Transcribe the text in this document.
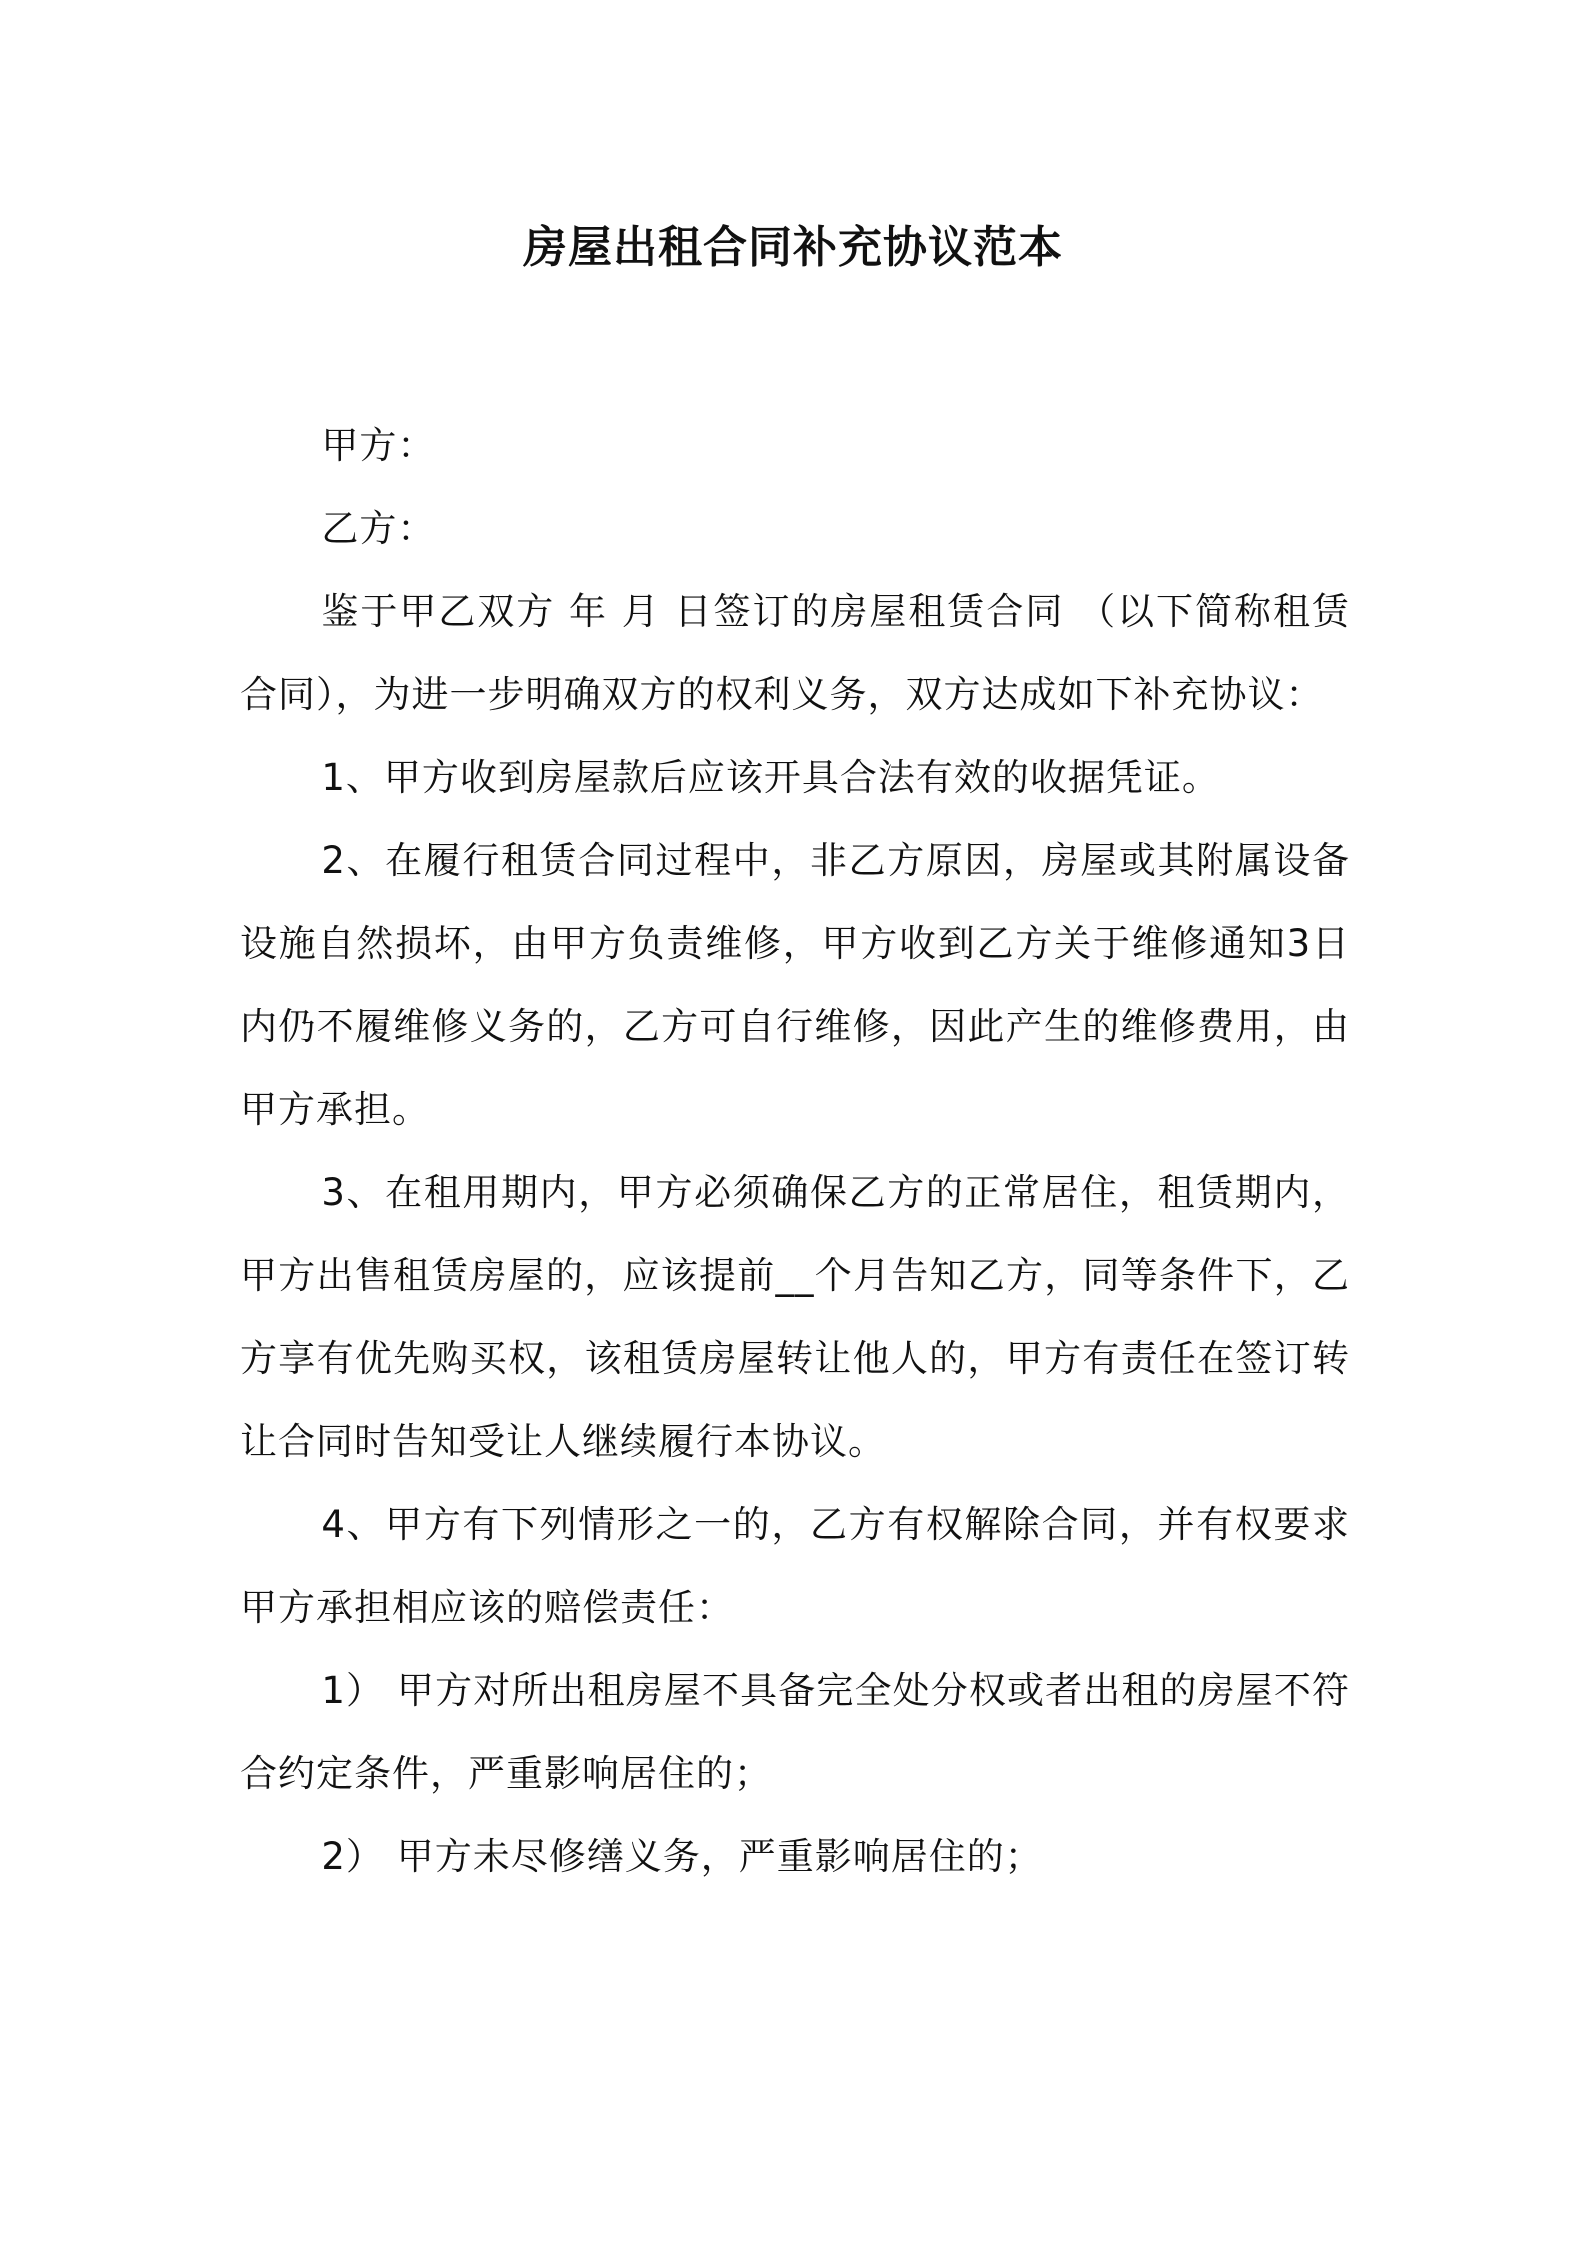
房屋出租合同补充协议范本

甲方：

乙方：

鉴于甲乙双方 年 月 日签订的房屋租赁合同 （以下简称租赁合同），为进一步明确双方的权利义务，双方达成如下补充协议：

1、甲方收到房屋款后应该开具合法有效的收据凭证。

2、在履行租赁合同过程中，非乙方原因，房屋或其附属设备设施自然损坏，由甲方负责维修，甲方收到乙方关于维修通知3日内仍不履维修义务的，乙方可自行维修，因此产生的维修费用，由甲方承担。

3、在租用期内，甲方必须确保乙方的正常居住，租赁期内，甲方出售租赁房屋的，应该提前__个月告知乙方，同等条件下，乙方享有优先购买权，该租赁房屋转让他人的，甲方有责任在签订转让合同时告知受让人继续履行本协议。

4、甲方有下列情形之一的，乙方有权解除合同，并有权要求甲方承担相应该的赔偿责任：

1） 甲方对所出租房屋不具备完全处分权或者出租的房屋不符合约定条件，严重影响居住的；

2） 甲方未尽修缮义务，严重影响居住的；
